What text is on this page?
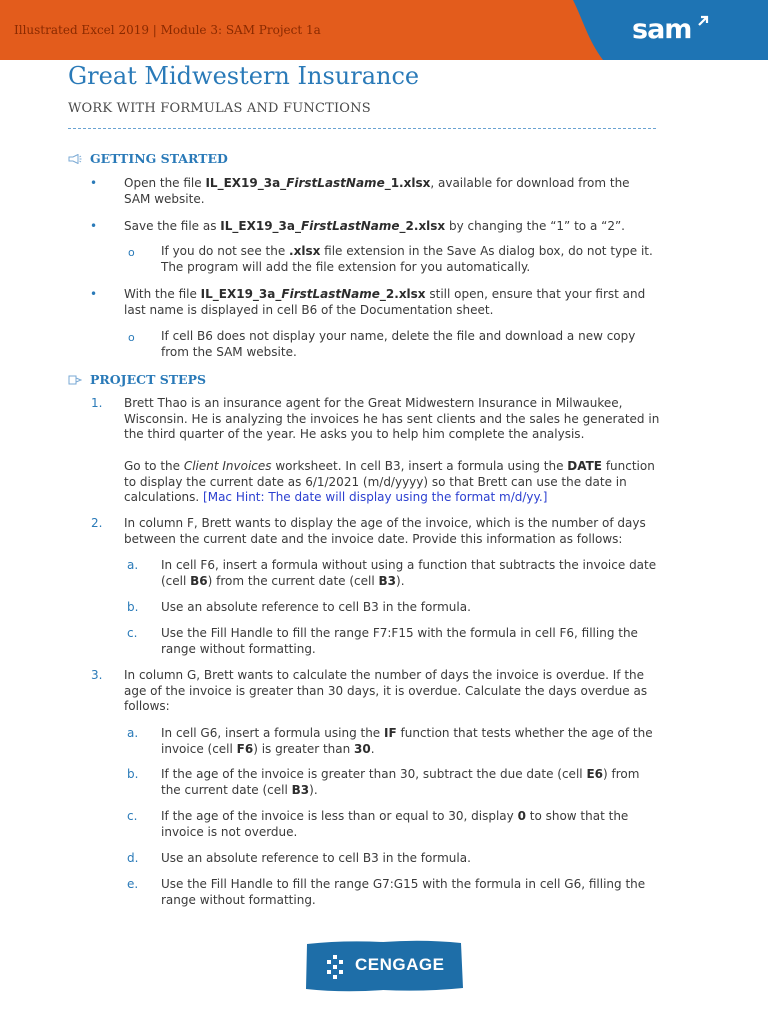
Illustrated Excel 2019 | Module 3: SAM Project 1a	sam
Great Midwestern Insurance
WORK WITH FORMULAS AND FUNCTIONS
GETTING STARTED
• Open the file IL_EX19_3a_FirstLastName_1.xlsx, available for download from the
SAM website.
• Save the file as IL_EX19_3a_FirstLastName_2.xlsx by changing the “1” to a “2”.
o If you do not see the .xlsx file extension in the Save As dialog box, do not type it.
The program will add the file extension for you automatically.
• With the file IL_EX19_3a_FirstLastName_2.xlsx still open, ensure that your first and
last name is displayed in cell B6 of the Documentation sheet.
o If cell B6 does not display your name, delete the file and download a new copy
from the SAM website.
PROJECT STEPS
1. Brett Thao is an insurance agent for the Great Midwestern Insurance in Milwaukee,
Wisconsin. He is analyzing the invoices he has sent clients and the sales he generated in
the third quarter of the year. He asks you to help him complete the analysis.
Go to the Client Invoices worksheet. In cell B3, insert a formula using the DATE function
to display the current date as 6/1/2021 (m/d/yyyy) so that Brett can use the date in
calculations. [Mac Hint: The date will display using the format m/d/yy.]
2. In column F, Brett wants to display the age of the invoice, which is the number of days
between the current date and the invoice date. Provide this information as follows:
a. In cell F6, insert a formula without using a function that subtracts the invoice date
(cell B6) from the current date (cell B3).
b. Use an absolute reference to cell B3 in the formula.
c. Use the Fill Handle to fill the range F7:F15 with the formula in cell F6, filling the
range without formatting.
3. In column G, Brett wants to calculate the number of days the invoice is overdue. If the
age of the invoice is greater than 30 days, it is overdue. Calculate the days overdue as
follows:
a. In cell G6, insert a formula using the IF function that tests whether the age of the
invoice (cell F6) is greater than 30.
b. If the age of the invoice is greater than 30, subtract the due date (cell E6) from
the current date (cell B3).
c. If the age of the invoice is less than or equal to 30, display 0 to show that the
invoice is not overdue.
d. Use an absolute reference to cell B3 in the formula.
e. Use the Fill Handle to fill the range G7:G15 with the formula in cell G6, filling the
range without formatting.
CENGAGE
